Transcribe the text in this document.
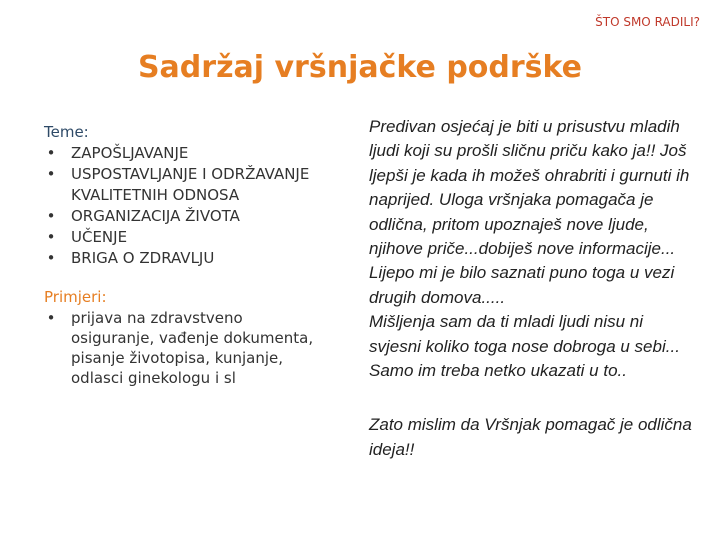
ŠTO SMO RADILI?
Sadržaj vršnjačke podrške
Teme:
• ZAPOŠLJAVANJE
• USPOSTAVLJANJE I ODRŽAVANJE KVALITETNIH ODNOSA
• ORGANIZACIJA ŽIVOTA
• UČENJE
• BRIGA O ZDRAVLJU
Primjeri:
• prijava na zdravstveno osiguranje, vađenje dokumenta, pisanje životopisa, kunjanje, odlasci ginekologu i sl
Predivan osjećaj je biti u prisustvu mladih ljudi koji su prošli sličnu priču kako ja!! Još ljepši je kada ih možeš ohrabriti i gurnuti ih naprijed. Uloga vršnjaka pomagača je odlična, pritom upoznaješ nove ljude, njihove priče...dobiješ nove informacije... Lijepo mi je bilo saznati puno toga u vezi drugih domova.....
Mišljenja sam da ti mladi ljudi nisu ni svjesni koliko toga nose dobroga u sebi... Samo im treba netko ukazati u to..
Zato mislim da Vršnjak pomagač je odlična ideja!!
